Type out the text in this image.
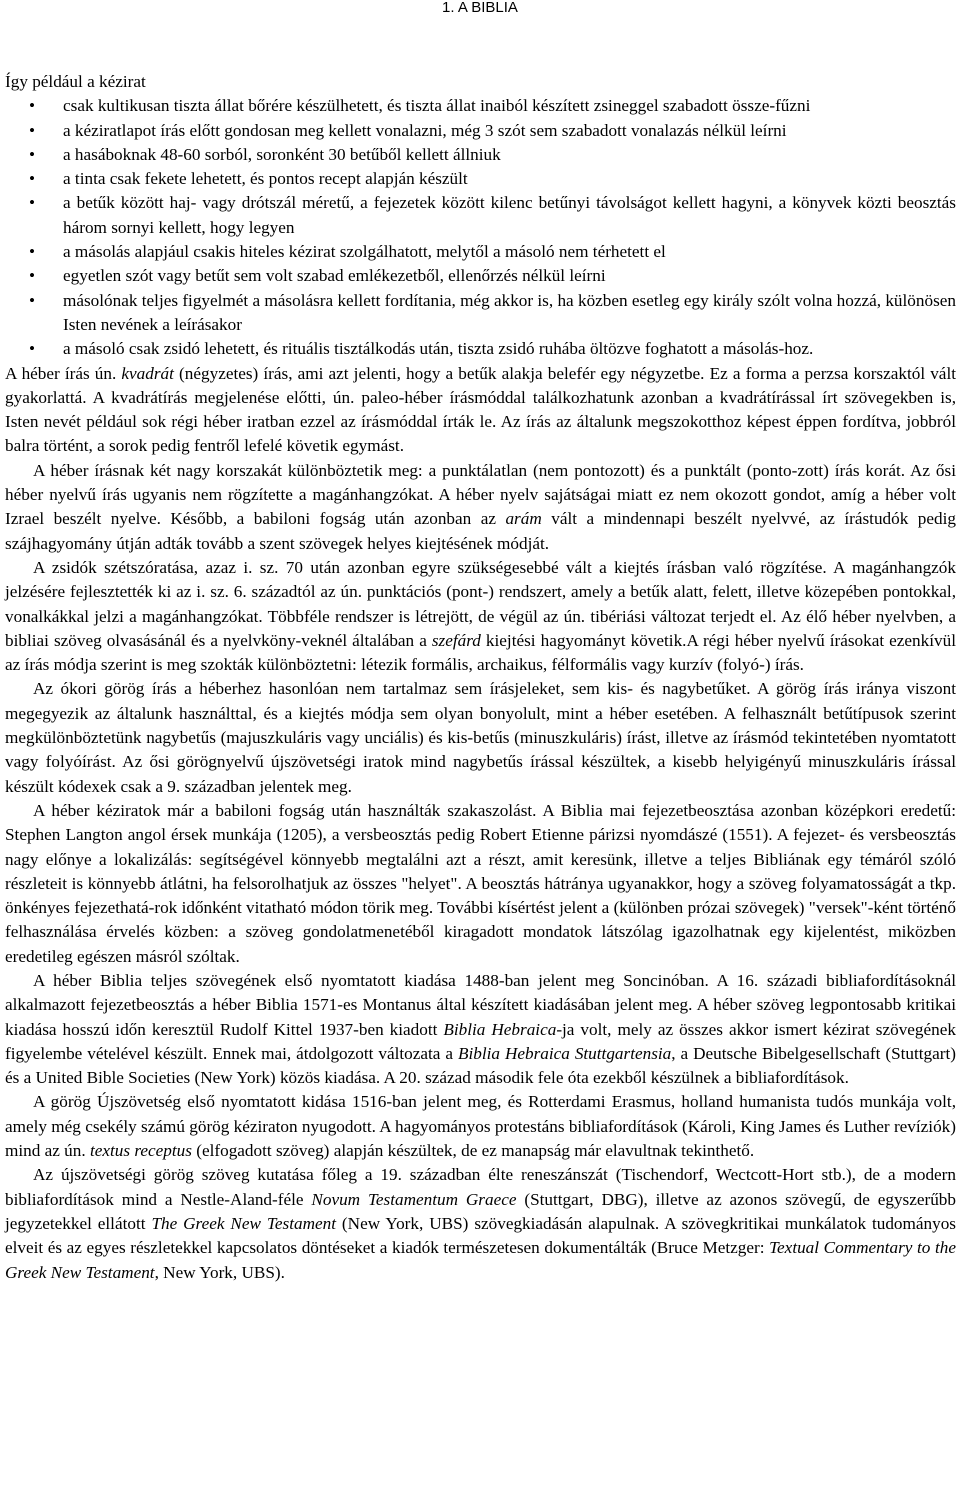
1. A BIBLIA

Így például a kézirat

• csak kultikusan tiszta állat bőrére készülhetett, és tiszta állat inaiból készített zsineggel szabadott össze-fűzni
• a kéziratlapot írás előtt gondosan meg kellett vonalazni, még 3 szót sem szabadott vonalazás nélkül leírni
• a hasáboknak 48-60 sorból, soronként 30 betűből kellett állniuk
• a tinta csak fekete lehetett, és pontos recept alapján készült
• a betűk között haj- vagy drótszál méretű, a fejezetek között kilenc betűnyi távolságot kellett hagyni, a könyvek közti beosztás három sornyi kellett, hogy legyen
• a másolás alapjául csakis hiteles kézirat szolgálhatott, melytől a másoló nem térhetett el
• egyetlen szót vagy betűt sem volt szabad emlékezetből, ellenőrzés nélkül leírni
• másolónak teljes figyelmét a másolásra kellett fordítania, még akkor is, ha közben esetleg egy király szólt volna hozzá, különösen Isten nevének a leírásakor
• a másoló csak zsidó lehetett, és rituális tisztálkodás után, tiszta zsidó ruhába öltözve foghatott a másolás-hoz.

A héber írás ún. kvadrát (négyzetes) írás, ami azt jelenti, hogy a betűk alakja belefér egy négyzetbe. Ez a forma a perzsa korszaktól vált gyakorlattá. A kvadrátírás megjelenése előtti, ún. paleo-héber írásmóddal találkozhatunk azonban a kvadrátírással írt szövegekben is, Isten nevét például sok régi héber iratban ezzel az írásmóddal írták le. Az írás az általunk megszokotthoz képest éppen fordítva, jobbról balra történt, a sorok pedig fentről lefelé követik egymást.

A héber írásnak két nagy korszakát különböztetik meg: a punktálatlan (nem pontozott) és a punktált (ponto-zott) írás korát. Az ősi héber nyelvű írás ugyanis nem rögzítette a magánhangzókat. A héber nyelv sajátságai miatt ez nem okozott gondot, amíg a héber volt Izrael beszélt nyelve. Később, a babiloni fogság után azonban az arám vált a mindennapi beszélt nyelvvé, az írástudók pedig szájhagyomány útján adták tovább a szent szövegek helyes kiejtésének módját.

A zsidók szétszóratása, azaz i. sz. 70 után azonban egyre szükségesebbé vált a kiejtés írásban való rögzítése. A magánhangzók jelzésére fejlesztették ki az i. sz. 6. századtól az ún. punktációs (pont-) rendszert, amely a betűk alatt, felett, illetve közepében pontokkal, vonalkákkal jelzi a magánhangzókat. Többféle rendszer is létrejött, de végül az ún. tibériási változat terjedt el. Az élő héber nyelvben, a bibliai szöveg olvasásánál és a nyelvköny-veknél általában a szefárd kiejtési hagyományt követik.A régi héber nyelvű írásokat ezenkívül az írás módja szerint is meg szokták különböztetni: létezik formális, archaikus, félformális vagy kurzív (folyó-) írás.

Az ókori görög írás a héberhez hasonlóan nem tartalmaz sem írásjeleket, sem kis- és nagybetűket. A görög írás iránya viszont megegyezik az általunk használttal, és a kiejtés módja sem olyan bonyolult, mint a héber esetében. A felhasznált betűtípusok szerint megkülönböztetünk nagybetűs (majuszkuláris vagy unciális) és kis-betűs (minuszkuláris) írást, illetve az írásmód tekintetében nyomtatott vagy folyóírást. Az ősi görögnyelvű újszövetségi iratok mind nagybetűs írással készültek, a kisebb helyigényű minuszkuláris írással készült kódexek csak a 9. században jelentek meg.

A héber kéziratok már a babiloni fogság után használták szakaszolást. A Biblia mai fejezetbeosztása azonban középkori eredetű: Stephen Langton angol érsek munkája (1205), a versbeosztás pedig Robert Etienne párizsi nyomdászé (1551). A fejezet- és versbeosztás nagy előnye a lokalizálás: segítségével könnyebb megtalálni azt a részt, amit keresünk, illetve a teljes Bibliának egy témáról szóló részleteit is könnyebb átlátni, ha felsorolhatjuk az összes "helyet". A beosztás hátránya ugyanakkor, hogy a szöveg folyamatosságát a tkp. önkényes fejezethatá-rok időnként vitatható módon törik meg. További kísértést jelent a (különben prózai szövegek) "versek"-ként történő felhasználása érvelés közben: a szöveg gondolatmenetéből kiragadott mondatok látszólag igazolhatnak egy kijelentést, miközben eredetileg egészen másról szóltak.

A héber Biblia teljes szövegének első nyomtatott kiadása 1488-ban jelent meg Soncinóban. A 16. századi bibliafordításoknál alkalmazott fejezetbeosztás a héber Biblia 1571-es Montanus által készített kiadásában jelent meg. A héber szöveg legpontosabb kritikai kiadása hosszú időn keresztül Rudolf Kittel 1937-ben kiadott Biblia Hebraica-ja volt, mely az összes akkor ismert kézirat szövegének figyelembe vételével készült. Ennek mai, átdolgozott változata a Biblia Hebraica Stuttgartensia, a Deutsche Bibelgesellschaft (Stuttgart) és a United Bible Societies (New York) közös kiadása. A 20. század második fele óta ezekből készülnek a bibliafordítások.

A görög Újszövetség első nyomtatott kidása 1516-ban jelent meg, és Rotterdami Erasmus, holland humanista tudós munkája volt, amely még csekély számú görög kéziraton nyugodott. A hagyományos protestáns bibliafordítások (Károli, King James és Luther revíziók) mind az ún. textus receptus (elfogadott szöveg) alapján készültek, de ez manapság már elavultnak tekinthető.

Az újszövetségi görög szöveg kutatása főleg a 19. században élte reneszánszát (Tischendorf, Wectcott-Hort stb.), de a modern bibliafordítások mind a Nestle-Aland-féle Novum Testamentum Graece (Stuttgart, DBG), illetve az azonos szövegű, de egyszerűbb jegyzetekkel ellátott The Greek New Testament (New York, UBS) szövegkiadásán alapulnak. A szövegkritikai munkálatok tudományos elveit és az egyes részletekkel kapcsolatos döntéseket a kiadók természetesen dokumentálták (Bruce Metzger: Textual Commentary to the Greek New Testament, New York, UBS).
